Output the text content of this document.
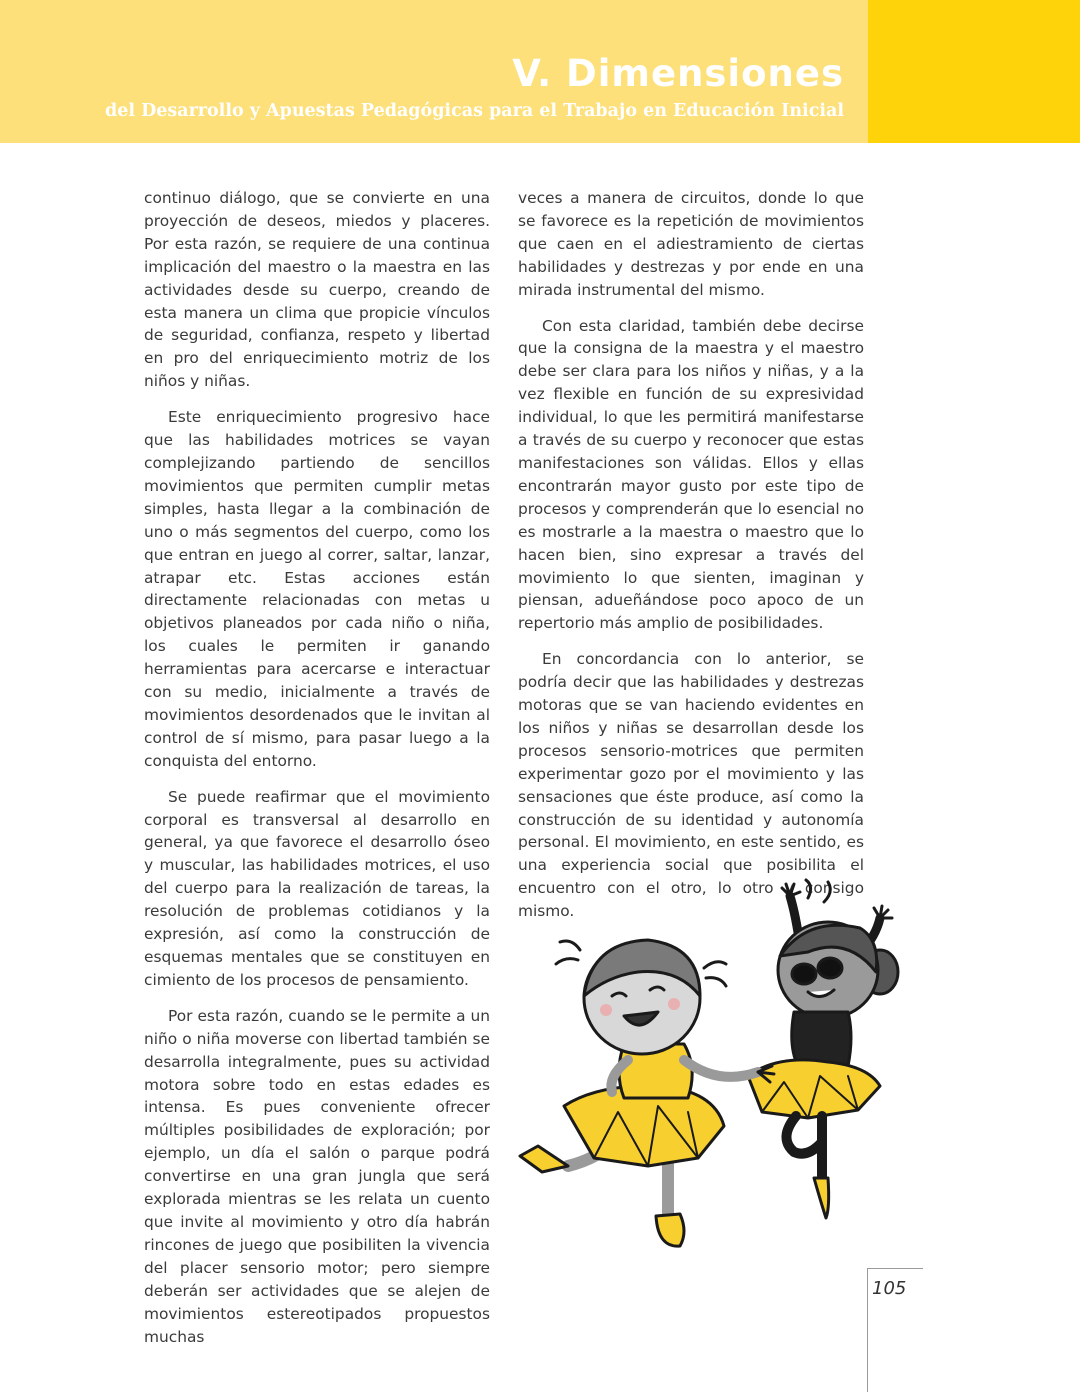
V. Dimensiones
del Desarrollo y Apuestas Pedagógicas para el Trabajo en Educación Inicial

continuo diálogo, que se convierte en una proyección de deseos, miedos y placeres. Por esta razón, se requiere de una continua implicación del maestro o la maestra en las actividades desde su cuerpo, creando de esta manera un clima que propicie vínculos de seguridad, confianza, respeto y libertad en pro del enriquecimiento motriz de los niños y niñas.

Este enriquecimiento progresivo hace que las habilidades motrices se vayan complejizando partiendo de sencillos movimientos que permiten cumplir metas simples, hasta llegar a la combinación de uno o más segmentos del cuerpo, como los que entran en juego al correr, saltar, lanzar, atrapar etc. Estas acciones están directamente relacionadas con metas u objetivos planeados por cada niño o niña, los cuales le permiten ir ganando herramientas para acercarse e interactuar con su medio, inicialmente a través de movimientos desordenados que le invitan al control de sí mismo, para pasar luego a la conquista del entorno.

Se puede reafirmar que el movimiento corporal es transversal al desarrollo en general, ya que favorece el desarrollo óseo y muscular, las habilidades motrices, el uso del cuerpo para la realización de tareas, la resolución de problemas cotidianos y la expresión, así como la construcción de esquemas mentales que se constituyen en cimiento de los procesos de pensamiento.

Por esta razón, cuando se le permite a un niño o niña moverse con libertad también se desarrolla integralmente, pues su actividad motora sobre todo en estas edades es intensa. Es pues conveniente ofrecer múltiples posibilidades de exploración; por ejemplo, un día el salón o parque podrá convertirse en una gran jungla que será explorada mientras se les relata un cuento que invite al movimiento y otro día habrán rincones de juego que posibiliten la vivencia del placer sensorio motor; pero siempre deberán ser actividades que se alejen de movimientos estereotipados propuestos muchas

veces a manera de circuitos, donde lo que se favorece es la repetición de movimientos que caen en el adiestramiento de ciertas habilidades y destrezas y por ende en una mirada instrumental del mismo.

Con esta claridad, también debe decirse que la consigna de la maestra y el maestro debe ser clara para los niños y niñas, y a la vez flexible en función de su expresividad individual, lo que les permitirá manifestarse a través de su cuerpo y reconocer que estas manifestaciones son válidas. Ellos y ellas encontrarán mayor gusto por este tipo de procesos y comprenderán que lo esencial no es mostrarle a la maestra o maestro que lo hacen bien, sino expresar a través del movimiento lo que sienten, imaginan y piensan, adueñándose poco apoco de un repertorio más amplio de posibilidades.

En concordancia con lo anterior, se podría decir que las habilidades y destrezas motoras que se van haciendo evidentes en los niños y niñas se desarrollan desde los procesos sensorio-motrices que permiten experimentar gozo por el movimiento y las sensaciones que éste produce, así como la construcción de su identidad y autonomía personal. El movimiento, en este sentido, es una experiencia social que posibilita el encuentro con el otro, lo otro y consigo mismo.

105
